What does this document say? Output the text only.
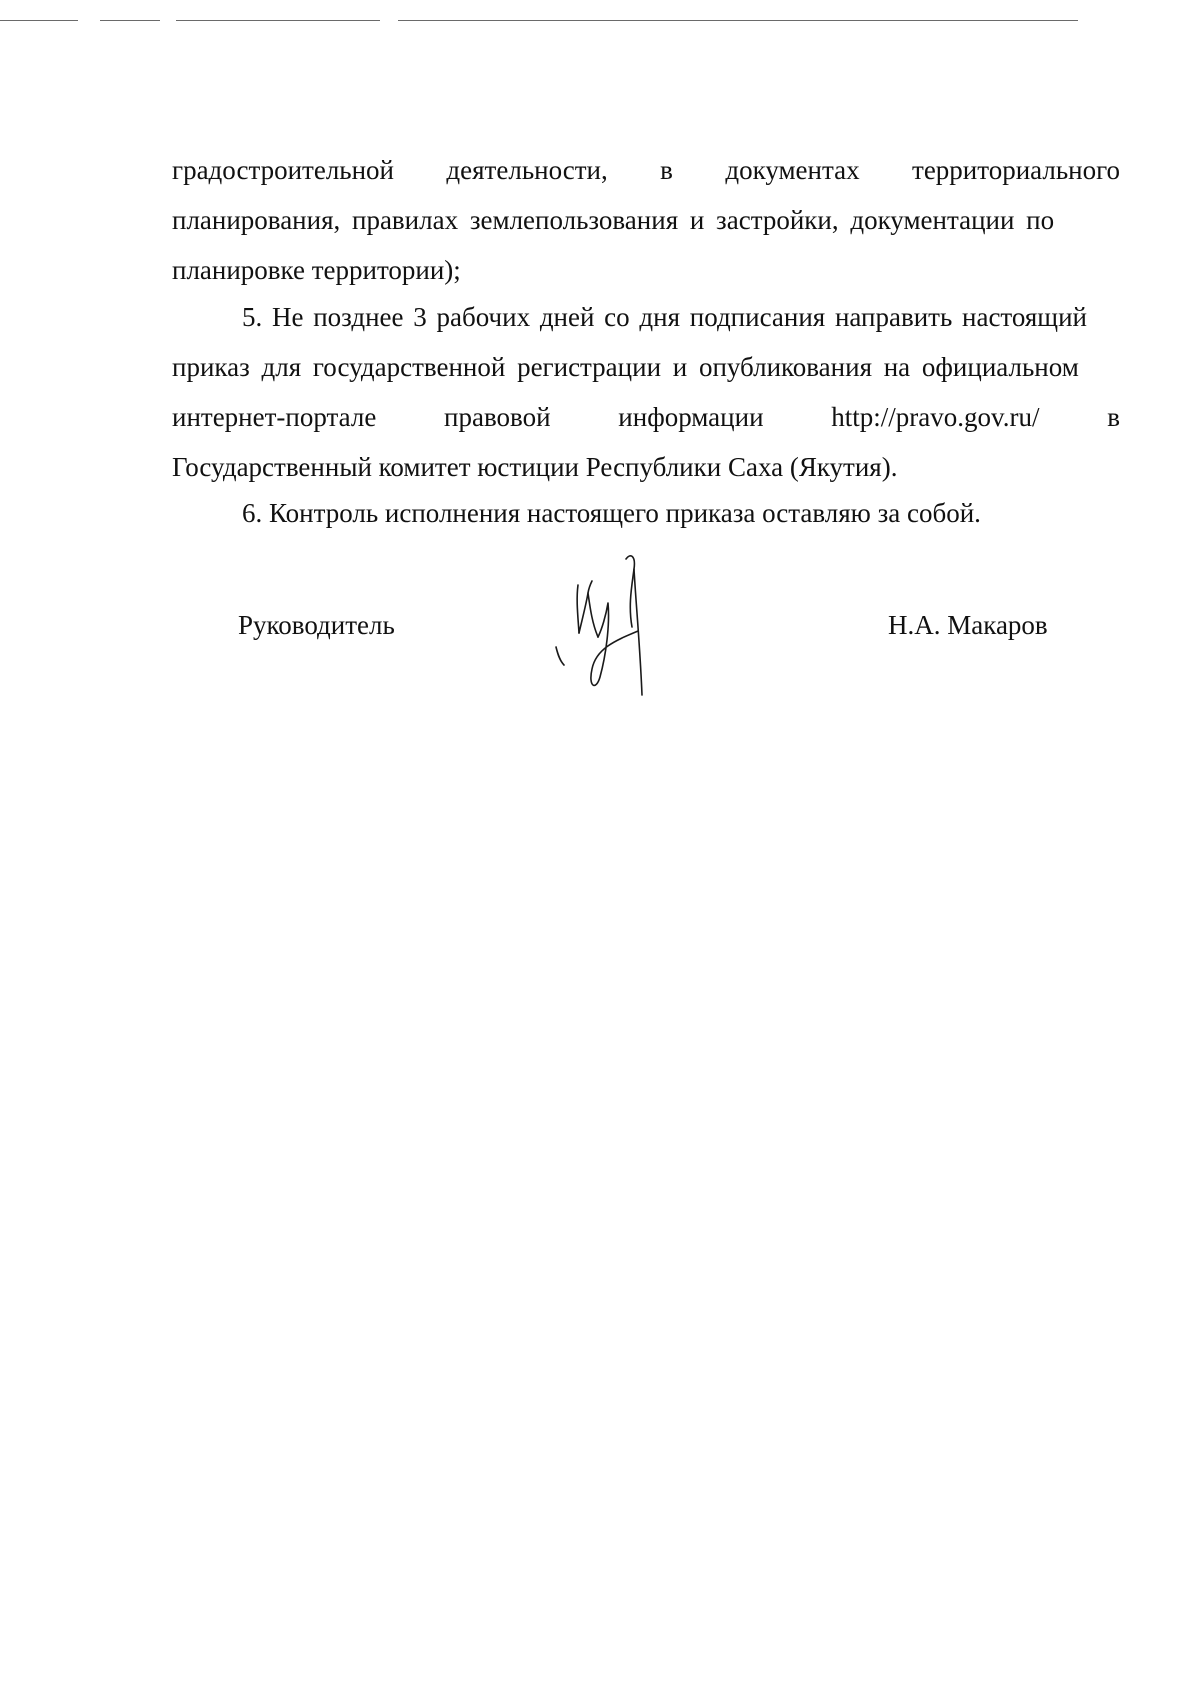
градостроительной деятельности, в документах территориального
планирования, правилах землепользования и застройки, документации по
планировке территории);
5. Не позднее 3 рабочих дней со дня подписания направить настоящий
приказ для государственной регистрации и опубликования на официальном
интернет-портале	правовой	информации	http://pravo.gov.ru/	в
Государственный комитет юстиции Республики Саха (Якутия).
6. Контроль исполнения настоящего приказа оставляю за собой.
Руководитель	Н.А. Макаров
